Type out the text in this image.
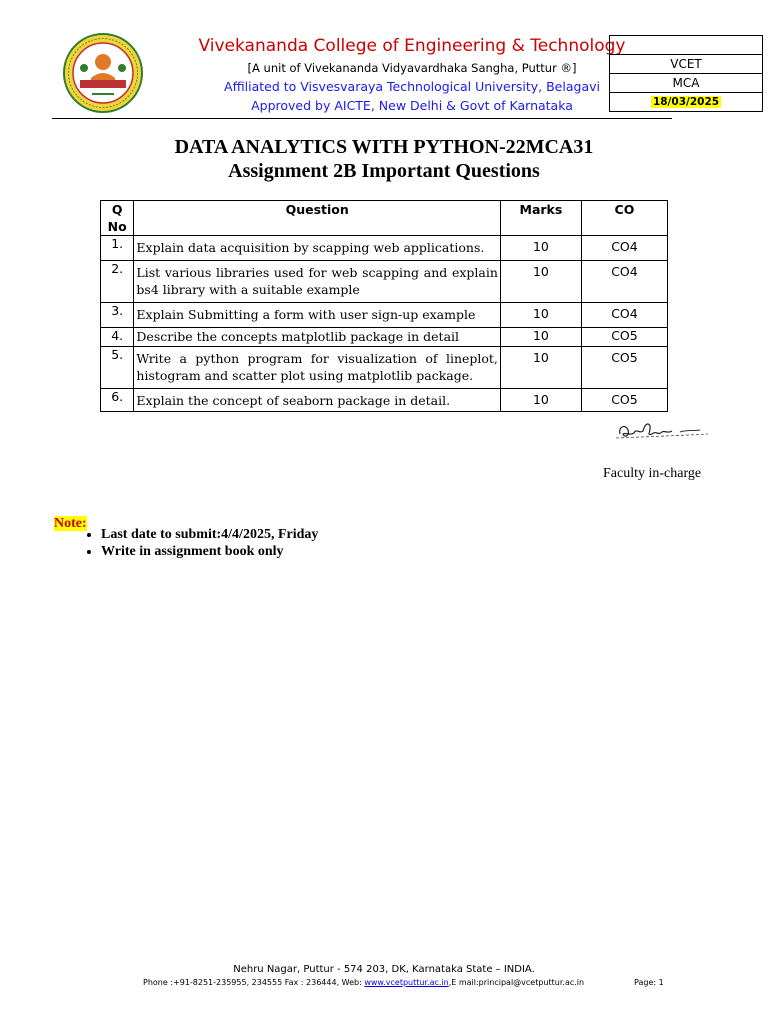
Vivekananda College of Engineering & Technology
[A unit of Vivekananda Vidyavardhaka Sangha, Puttur ®]
Affiliated to Visvesvaraya Technological University, Belagavi
Approved by AICTE, New Delhi & Govt of Karnataka
VCET
MCA
18/03/2025
DATA ANALYTICS WITH PYTHON-22MCA31
Assignment 2B Important Questions
Q No	Question	Marks	CO
1.	Explain data acquisition by scapping web applications.	10	CO4
2.	List various libraries used for web scapping and explain bs4 library with a suitable example	10	CO4
3.	Explain Submitting a form with user sign-up example	10	CO4
4.	Describe the concepts matplotlib package in detail	10	CO5
5.	Write a python program for visualization of lineplot, histogram and scatter plot using matplotlib package.	10	CO5
6.	Explain the concept of seaborn package in detail.	10	CO5
Faculty in-charge
Note:
• Last date to submit:4/4/2025, Friday
• Write in assignment book only
Nehru Nagar, Puttur - 574 203, DK, Karnataka State – INDIA.
Phone :+91-8251-235955, 234555 Fax : 236444, Web: www.vcetputtur.ac.in,E mail:principal@vcetputtur.ac.in	Page: 1
